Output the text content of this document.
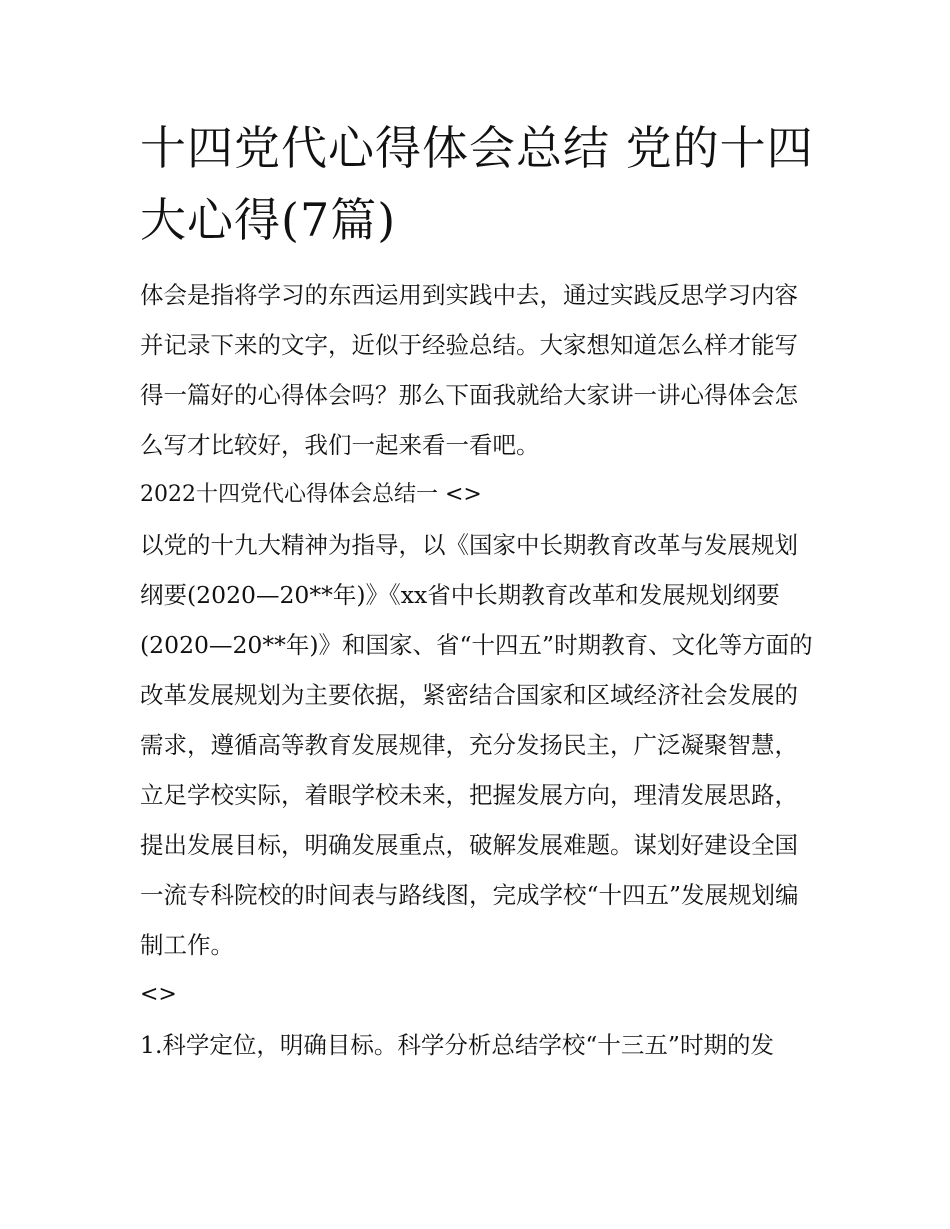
十四党代心得体会总结 党的十四大心得(7篇)

体会是指将学习的东西运用到实践中去，通过实践反思学习内容并记录下来的文字，近似于经验总结。大家想知道怎么样才能写得一篇好的心得体会吗？那么下面我就给大家讲一讲心得体会怎么写才比较好，我们一起来看一看吧。

2022十四党代心得体会总结一 <>

以党的十九大精神为指导，以《国家中长期教育改革与发展规划纲要(2020—20**年)》《xx省中长期教育改革和发展规划纲要(2020—20**年)》和国家、省“十四五”时期教育、文化等方面的改革发展规划为主要依据，紧密结合国家和区域经济社会发展的需求，遵循高等教育发展规律，充分发扬民主，广泛凝聚智慧，立足学校实际，着眼学校未来，把握发展方向，理清发展思路，提出发展目标，明确发展重点，破解发展难题。谋划好建设全国一流专科院校的时间表与路线图，完成学校“十四五”发展规划编制工作。

<>

1.科学定位，明确目标。科学分析总结学校“十三五”时期的发
